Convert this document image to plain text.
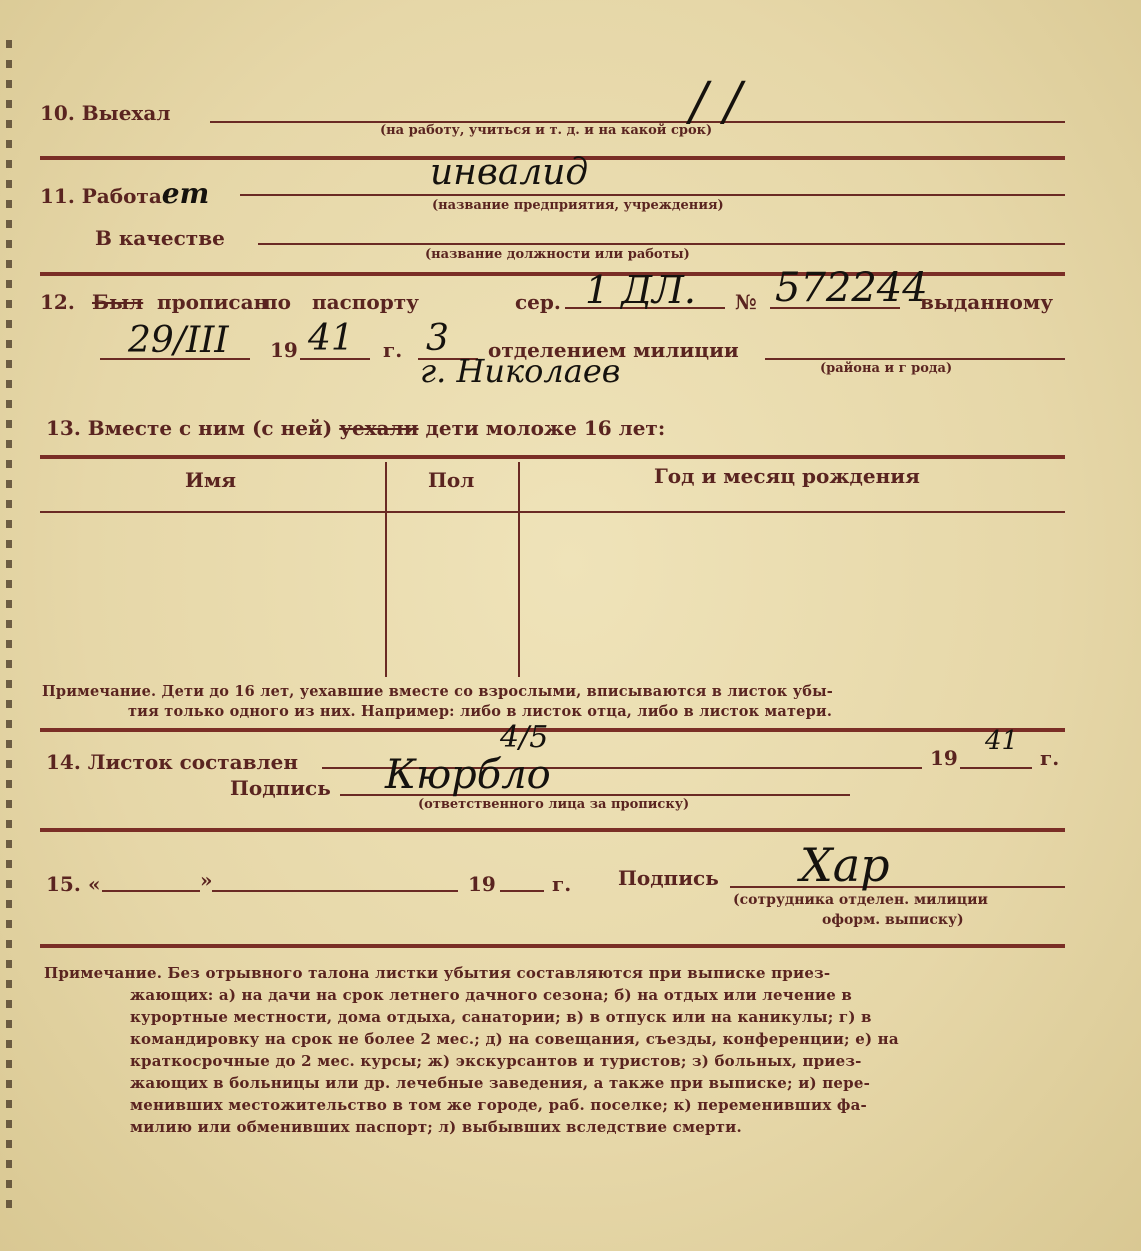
10. Выехал	/ /
(на работу, учиться и т. д. и на какой срок)
11. Работает
инвалид
(название предприятия, учреждения)
В качестве
(название должности или работы)
12. Был прописан
по паспорту	сер. 1 ДЛ. № 572244
выданному
29/III 19 41 г. 3 отделением милиции
г. Николаев	(района и г рода)
13. Вместе с ним (с ней) уехали дети моложе 16 лет:
Имя	Пол	Год и месяц рождения
Примечание. Дети до 16 лет, уехавшие вместе со взрослыми, вписываются в листок убы-
тия только одного из них. Например: либо в листок отца, либо в листок матери.
14. Листок составлен
4/5
19
41
г.
Подпись Кюрбло
(ответственного лица за прописку)
15. «	»	19	г. Подпись Хар
(сотрудника отделен. милиции
оформ. выписку)
Примечание. Без отрывного талона листки убытия составляются при выписке приез-
жающих: а) на дачи на срок летнего дачного сезона; б) на отдых или лечение в
курортные местности, дома отдыха, санатории; в) в отпуск или на каникулы; г) в
командировку на срок не более 2 мес.; д) на совещания, съезды, конференции; е) на
краткосрочные до 2 мес. курсы; ж) экскурсантов и туристов; з) больных, приез-
жающих в больницы или др. лечебные заведения, а также при выписке; и) пере-
менивших местожительство в том же городе, раб. поселке; к) переменивших фа-
милию или обменивших паспорт; л) выбывших вследствие смерти.
